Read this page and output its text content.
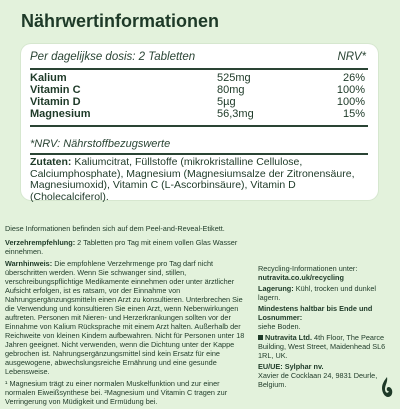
Nährwertinformationen
Per dagelijkse dosis: 2 Tabletten	NRV*
Kalium	525mg	26%
Vitamin C	80mg	100%
Vitamin D	5µg	100%
Magnesium	56,3mg	15%
*NRV: Nährstoffbezugswerte
Zutaten: Kaliumcitrat, Füllstoffe (mikrokristalline Cellulose, Calciumphosphate), Magnesium (Magnesiumsalze der Zitronensäure, Magnesiumoxid), Vitamin C (L-Ascorbinsäure), Vitamin D (Cholecalciferol).
Diese Informationen befinden sich auf dem Peel-and-Reveal-Etikett.

Verzehrempfehlung: 2 Tabletten pro Tag mit einem vollen Glas Wasser einnehmen.

Warnhinweis: Die empfohlene Verzehrmenge pro Tag darf nicht überschritten werden. Wenn Sie schwanger sind, stillen, verschreibungspflichtige Medikamente einnehmen oder unter ärztlicher Aufsicht erfolgen, ist es ratsam, vor der Einnahme von Nahrungsergänzungsmitteln einen Arzt zu konsultieren. Unterbrechen Sie die Verwendung und konsultieren Sie einen Arzt, wenn Nebenwirkungen auftreten. Personen mit Nieren- und Herzerkrankungen sollten vor der Einnahme von Kalium Rücksprache mit einem Arzt halten. Außerhalb der Reichweite von kleinen Kindern aufbewahren. Nicht für Personen unter 18 Jahren geeignet. Nicht verwenden, wenn die Dichtung unter der Kappe gebrochen ist. Nahrungsergänzungsmittel sind kein Ersatz für eine ausgewogene, abwechslungsreiche Ernährung und eine gesunde Lebensweise.

¹ Magnesium trägt zu einer normalen Muskelfunktion und zur einer normalen Eiweißsynthese bei. ²Magnesium und Vitamin C tragen zur Verringerung von Müdigkeit und Ermüdung bei.

Recycling-Informationen unter:
nutravita.co.uk/recycling

Lagerung: Kühl, trocken und dunkel lagern.

Mindestens haltbar bis Ende und Losnummer:
siehe Boden.

Nutravita Ltd. 4th Floor, The Pearce Building, West Street, Maidenhead SL6 1RL, UK.

EU/UE: Sylphar nv.
Xavier de Cocklaan 24, 9831 Deurle, Belgium.
